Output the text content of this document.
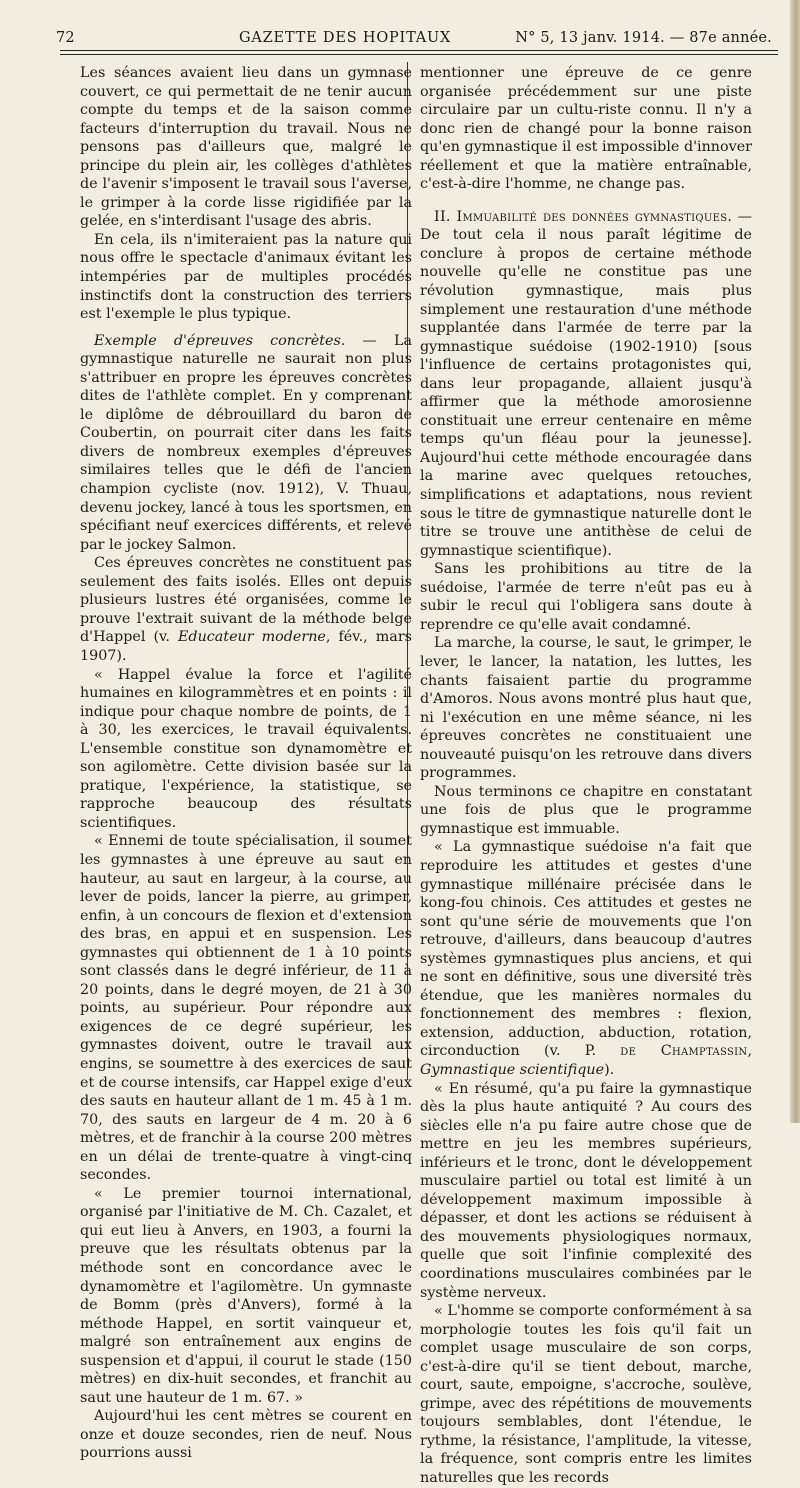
72	GAZETTE DES HOPITAUX	N° 5, 13 janv. 1914. — 87e année.

Les séances avaient lieu dans un gymnase couvert, ce qui permettait de ne tenir aucun compte du temps et de la saison comme facteurs d'interruption du travail. Nous ne pensons pas d'ailleurs que, malgré le principe du plein air, les collèges d'athlètes de l'avenir s'imposent le travail sous l'averse, le grimper à la corde lisse rigidifiée par la gelée, en s'interdisant l'usage des abris.

En cela, ils n'imiteraient pas la nature qui nous offre le spectacle d'animaux évitant les intempéries par de multiples procédés instinctifs dont la construction des terriers est l'exemple le plus typique.

Exemple d'épreuves concrètes. — La gymnastique naturelle ne saurait non plus s'attribuer en propre les épreuves concrètes dites de l'athlète complet. En y comprenant le diplôme de débrouillard du baron de Coubertin, on pourrait citer dans les faits divers de nombreux exemples d'épreuves similaires telles que le défi de l'ancien champion cycliste (nov. 1912), V. Thuau, devenu jockey, lancé à tous les sportsmen, en spécifiant neuf exercices différents, et relevé par le jockey Salmon.

Ces épreuves concrètes ne constituent pas seulement des faits isolés. Elles ont depuis plusieurs lustres été organisées, comme le prouve l'extrait suivant de la méthode belge d'Happel (v. Educateur moderne, fév., mars 1907).

« Happel évalue la force et l'agilité humaines en kilogrammètres et en points : il indique pour chaque nombre de points, de 1 à 30, les exercices, le travail équivalents. L'ensemble constitue son dynamomètre et son agilomètre. Cette division basée sur la pratique, l'expérience, la statistique, se rapproche beaucoup des résultats scientifiques.

« Ennemi de toute spécialisation, il soumet les gymnastes à une épreuve au saut en hauteur, au saut en largeur, à la course, au lever de poids, lancer la pierre, au grimper, enfin, à un concours de flexion et d'extension des bras, en appui et en suspension. Les gymnastes qui obtiennent de 1 à 10 points sont classés dans le degré inférieur, de 11 à 20 points, dans le degré moyen, de 21 à 30 points, au supérieur. Pour répondre aux exigences de ce degré supérieur, les gymnastes doivent, outre le travail aux engins, se soumettre à des exercices de saut et de course intensifs, car Happel exige d'eux des sauts en hauteur allant de 1 m. 45 à 1 m. 70, des sauts en largeur de 4 m. 20 à 6 mètres, et de franchir à la course 200 mètres en un délai de trente-quatre à vingt-cinq secondes.

« Le premier tournoi international, organisé par l'initiative de M. Ch. Cazalet, et qui eut lieu à Anvers, en 1903, a fourni la preuve que les résultats obtenus par la méthode sont en concordance avec le dynamomètre et l'agilomètre. Un gymnaste de Bomm (près d'Anvers), formé à la méthode Happel, en sortit vainqueur et, malgré son entraînement aux engins de suspension et d'appui, il courut le stade (150 mètres) en dix-huit secondes, et franchit au saut une hauteur de 1 m. 67. »

Aujourd'hui les cent mètres se courent en onze et douze secondes, rien de neuf. Nous pourrions aussi

mentionner une épreuve de ce genre organisée précédemment sur une piste circulaire par un cultu-riste connu. Il n'y a donc rien de changé pour la bonne raison qu'en gymnastique il est impossible d'innover réellement et que la matière entraînable, c'est-à-dire l'homme, ne change pas.

II. Immuabilité des données gymnastiques. — De tout cela il nous paraît légitime de conclure à propos de certaine méthode nouvelle qu'elle ne constitue pas une révolution gymnastique, mais plus simplement une restauration d'une méthode supplantée dans l'armée de terre par la gymnastique suédoise (1902-1910) [sous l'influence de certains protagonistes qui, dans leur propagande, allaient jusqu'à affirmer que la méthode amorosienne constituait une erreur centenaire en même temps qu'un fléau pour la jeunesse]. Aujourd'hui cette méthode encouragée dans la marine avec quelques retouches, simplifications et adaptations, nous revient sous le titre de gymnastique naturelle dont le titre se trouve une antithèse de celui de gymnastique scientifique).

Sans les prohibitions au titre de la suédoise, l'armée de terre n'eût pas eu à subir le recul qui l'obligera sans doute à reprendre ce qu'elle avait condamné.

La marche, la course, le saut, le grimper, le lever, le lancer, la natation, les luttes, les chants faisaient partie du programme d'Amoros. Nous avons montré plus haut que, ni l'exécution en une même séance, ni les épreuves concrètes ne constituaient une nouveauté puisqu'on les retrouve dans divers programmes.

Nous terminons ce chapitre en constatant une fois de plus que le programme gymnastique est immuable.

« La gymnastique suédoise n'a fait que reproduire les attitudes et gestes d'une gymnastique millénaire précisée dans le kong-fou chinois. Ces attitudes et gestes ne sont qu'une série de mouvements que l'on retrouve, d'ailleurs, dans beaucoup d'autres systèmes gymnastiques plus anciens, et qui ne sont en définitive, sous une diversité très étendue, que les manières normales du fonctionnement des membres : flexion, extension, adduction, abduction, rotation, circonduction (v. P. de Champtassin, Gymnastique scientifique).

« En résumé, qu'a pu faire la gymnastique dès la plus haute antiquité ? Au cours des siècles elle n'a pu faire autre chose que de mettre en jeu les membres supérieurs, inférieurs et le tronc, dont le développement musculaire partiel ou total est limité à un développement maximum impossible à dépasser, et dont les actions se réduisent à des mouvements physiologiques normaux, quelle que soit l'infinie complexité des coordinations musculaires combinées par le système nerveux.

« L'homme se comporte conformément à sa morphologie toutes les fois qu'il fait un complet usage musculaire de son corps, c'est-à-dire qu'il se tient debout, marche, court, saute, empoigne, s'accroche, soulève, grimpe, avec des répétitions de mouvements toujours semblables, dont l'étendue, le rythme, la résistance, l'amplitude, la vitesse, la fréquence, sont compris entre les limites naturelles que les records
